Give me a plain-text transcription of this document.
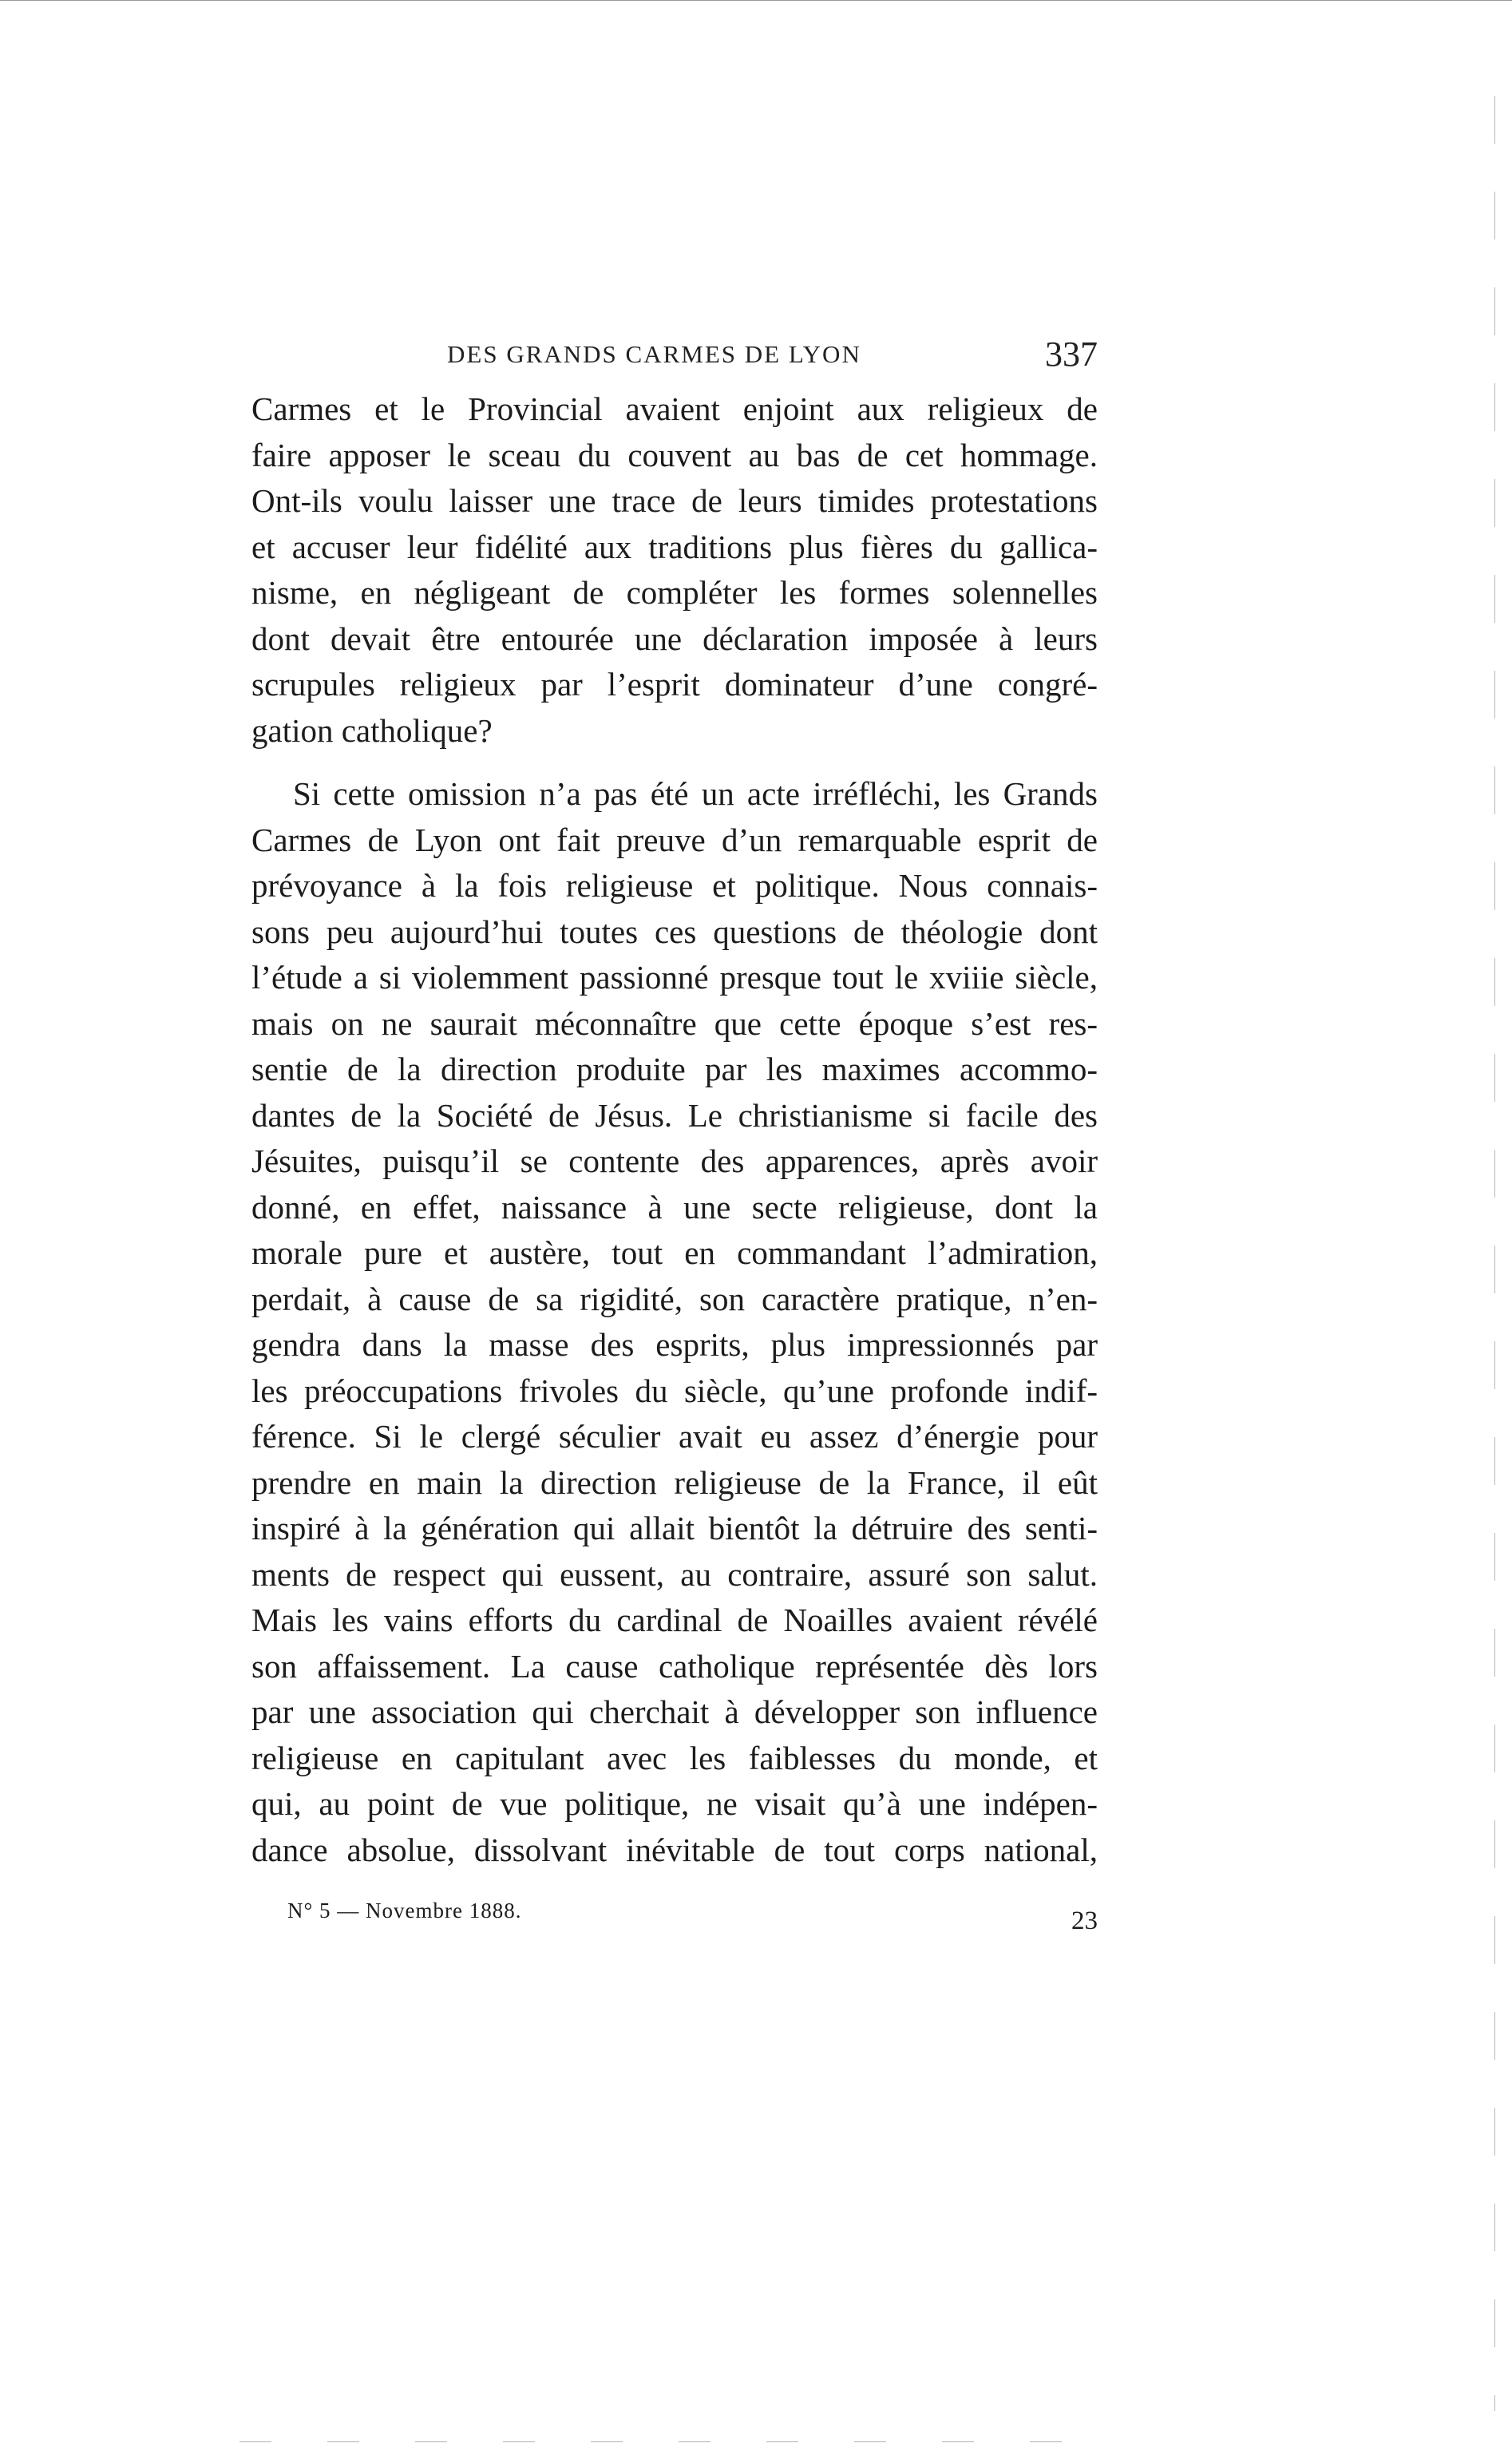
DES GRANDS CARMES DE LYON	337
Carmes et le Provincial avaient enjoint aux religieux de
faire apposer le sceau du couvent au bas de cet hommage.
Ont-ils voulu laisser une trace de leurs timides protestations
et accuser leur fidélité aux traditions plus fières du gallica-
nisme, en négligeant de compléter les formes solennelles
dont devait être entourée une déclaration imposée à leurs
scrupules religieux par l’esprit dominateur d’une congré-
gation catholique?
Si cette omission n’a pas été un acte irréfléchi, les Grands
Carmes de Lyon ont fait preuve d’un remarquable esprit de
prévoyance à la fois religieuse et politique. Nous connais-
sons peu aujourd’hui toutes ces questions de théologie dont
l’étude a si violemment passionné presque tout le xviiie siècle,
mais on ne saurait méconnaître que cette époque s’est res-
sentie de la direction produite par les maximes accommo-
dantes de la Société de Jésus. Le christianisme si facile des
Jésuites, puisqu’il se contente des apparences, après avoir
donné, en effet, naissance à une secte religieuse, dont la
morale pure et austère, tout en commandant l’admiration,
perdait, à cause de sa rigidité, son caractère pratique, n’en-
gendra dans la masse des esprits, plus impressionnés par
les préoccupations frivoles du siècle, qu’une profonde indif-
férence. Si le clergé séculier avait eu assez d’énergie pour
prendre en main la direction religieuse de la France, il eût
inspiré à la génération qui allait bientôt la détruire des senti-
ments de respect qui eussent, au contraire, assuré son salut.
Mais les vains efforts du cardinal de Noailles avaient révélé
son affaissement. La cause catholique représentée dès lors
par une association qui cherchait à développer son influence
religieuse en capitulant avec les faiblesses du monde, et
qui, au point de vue politique, ne visait qu’à une indépen-
dance absolue, dissolvant inévitable de tout corps national,
N° 5 — Novembre 1888.	23
